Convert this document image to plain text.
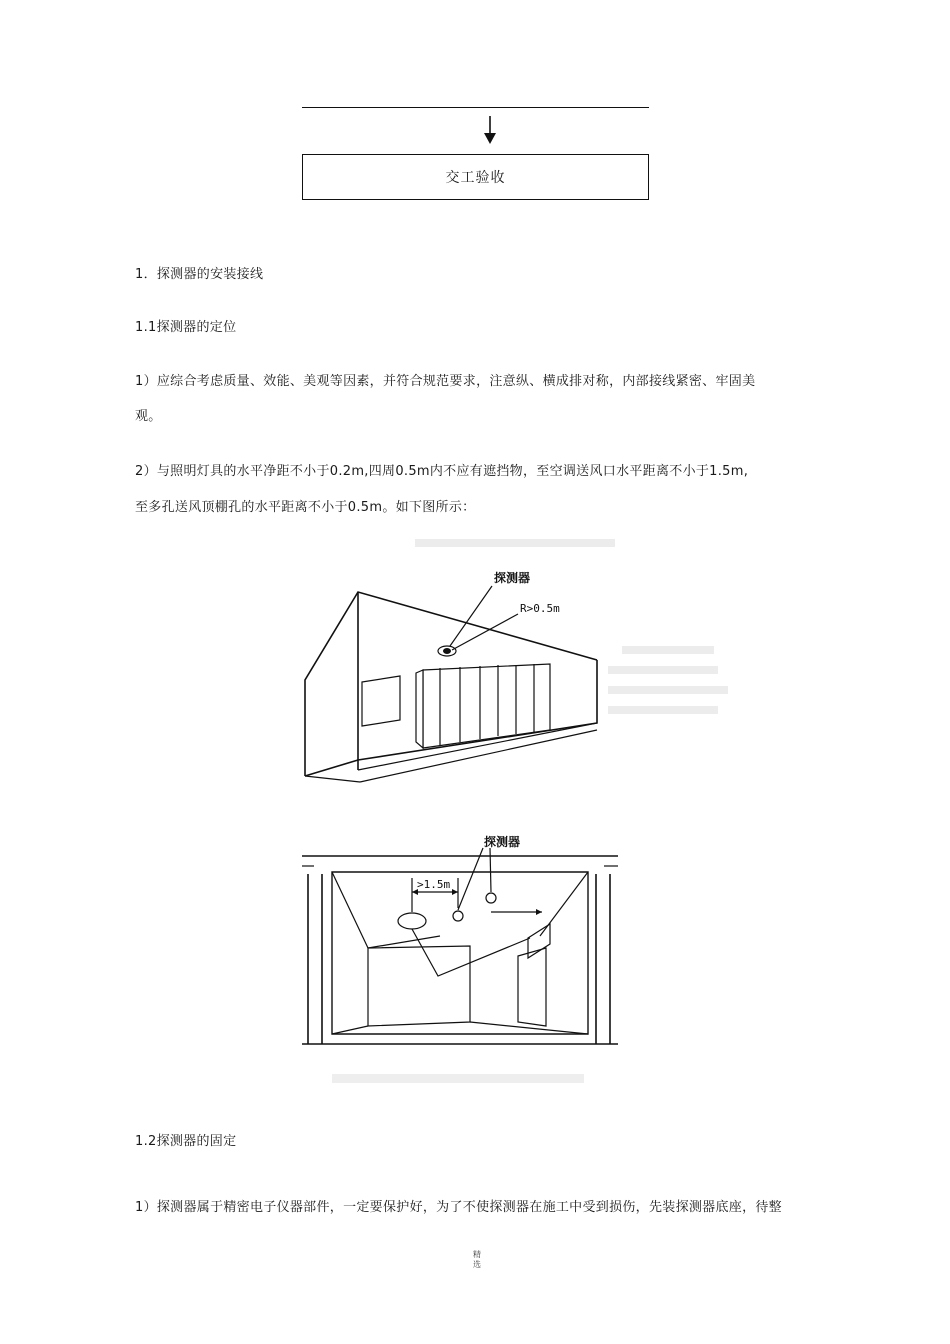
交工验收
1．探测器的安装接线
1.1探测器的定位
1）应综合考虑质量、效能、美观等因素，并符合规范要求，注意纵、横成排对称，内部接线紧密、牢固美
观。
2）与照明灯具的水平净距不小于0.2m,四周0.5m内不应有遮挡物，至空调送风口水平距离不小于1.5m,
至多孔送风顶棚孔的水平距离不小于0.5m。如下图所示：
探测器
R>0.5m
探测器
>1.5m
1.2探测器的固定
1）探测器属于精密电子仪器部件，一定要保护好，为了不使探测器在施工中受到损伤，先装探测器底座，待整
精选
